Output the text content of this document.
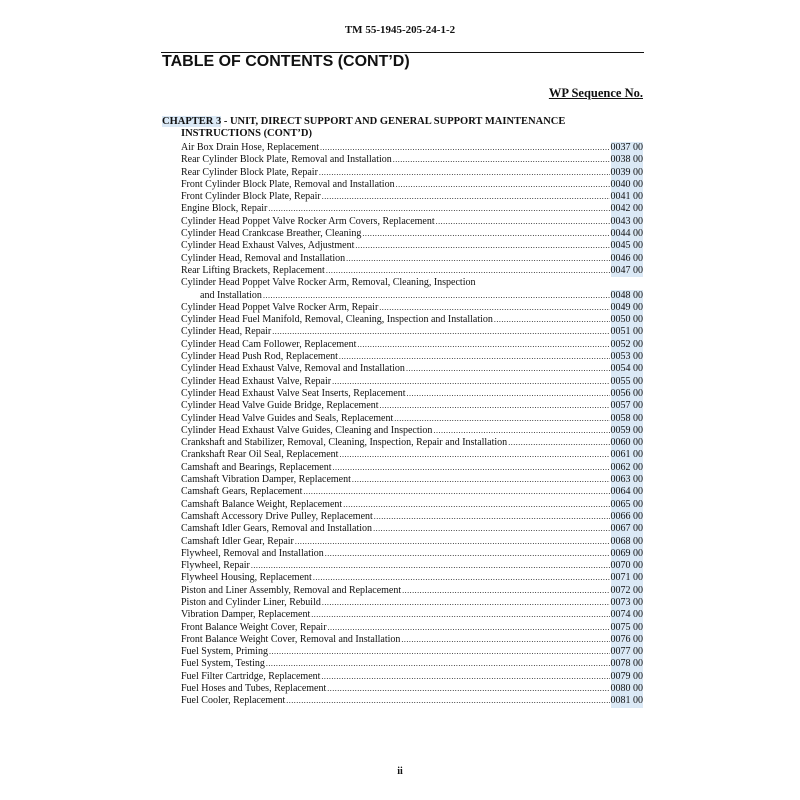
TM 55-1945-205-24-1-2
TABLE OF CONTENTS (CONT’D)
WP Sequence No.
CHAPTER 3 - UNIT, DIRECT SUPPORT AND GENERAL SUPPORT MAINTENANCE
INSTRUCTIONS (CONT’D)
Air Box Drain Hose, Replacement .....	0037 00
Rear Cylinder Block Plate, Removal and Installation .....	0038 00
Rear Cylinder Block Plate, Repair .....	0039 00
Front Cylinder Block Plate, Removal and Installation .....	0040 00
Front Cylinder Block Plate, Repair .....	0041 00
Engine Block, Repair .....	0042 00
Cylinder Head Poppet Valve Rocker Arm Covers, Replacement .....	0043 00
Cylinder Head Crankcase Breather, Cleaning .....	0044 00
Cylinder Head Exhaust Valves, Adjustment .....	0045 00
Cylinder Head, Removal and Installation .....	0046 00
Rear Lifting Brackets, Replacement .....	0047 00
Cylinder Head Poppet Valve Rocker Arm, Removal, Cleaning, Inspection
and Installation .....	0048 00
Cylinder Head Poppet Valve Rocker Arm, Repair .....	0049 00
Cylinder Head Fuel Manifold, Removal, Cleaning, Inspection and Installation .....	0050 00
Cylinder Head, Repair .....	0051 00
Cylinder Head Cam Follower, Replacement .....	0052 00
Cylinder Head Push Rod, Replacement .....	0053 00
Cylinder Head Exhaust Valve, Removal and Installation .....	0054 00
Cylinder Head Exhaust Valve, Repair .....	0055 00
Cylinder Head Exhaust Valve Seat Inserts, Replacement .....	0056 00
Cylinder Head Valve Guide Bridge, Replacement .....	0057 00
Cylinder Head Valve Guides and Seals, Replacement .....	0058 00
Cylinder Head Exhaust Valve Guides, Cleaning and Inspection .....	0059 00
Crankshaft and Stabilizer, Removal, Cleaning, Inspection, Repair and Installation .....	0060 00
Crankshaft Rear Oil Seal, Replacement .....	0061 00
Camshaft and Bearings, Replacement .....	0062 00
Camshaft Vibration Damper, Replacement .....	0063 00
Camshaft Gears, Replacement .....	0064 00
Camshaft Balance Weight, Replacement .....	0065 00
Camshaft Accessory Drive Pulley, Replacement .....	0066 00
Camshaft Idler Gears, Removal and Installation .....	0067 00
Camshaft Idler Gear, Repair .....	0068 00
Flywheel, Removal and Installation .....	0069 00
Flywheel, Repair .....	0070 00
Flywheel Housing, Replacement .....	0071 00
Piston and Liner Assembly, Removal and Replacement .....	0072 00
Piston and Cylinder Liner, Rebuild .....	0073 00
Vibration Damper, Replacement .....	0074 00
Front Balance Weight Cover, Repair .....	0075 00
Front Balance Weight Cover, Removal and Installation .....	0076 00
Fuel System, Priming .....	0077 00
Fuel System, Testing .....	0078 00
Fuel Filter Cartridge, Replacement .....	0079 00
Fuel Hoses and Tubes, Replacement .....	0080 00
Fuel Cooler, Replacement .....	0081 00
ii
